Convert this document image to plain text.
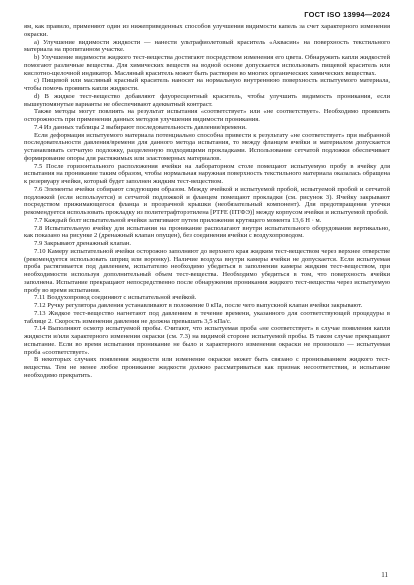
ГОСТ ISO 13994—2024

ям, как правило, применяют один из нижеприведенных способов улучшения видимости капель за счет характерного изменения окраски.

a) Улучшение видимости жидкости — нанести ультрафиолетовый краситель «Аквасин» на поверхность текстильного материала на пропитанном участке.

b) Улучшение видимости жидкого тест-вещества достигают посредством изменения его цвета. Обнаружить капли жидкостей помогают различные вещества. Для химических веществ на водной основе допускается использовать пищевой краситель или кислотно-щелочной индикатор. Масляный краситель может быть растворен во многих органических химических веществах.

c) Пищевой или масляный красный краситель наносят на нормальную внутреннюю поверхность испытуемого материала, чтобы помочь проявить капли жидкости.

d) В жидкое тест-вещество добавляют флуоресцентный краситель, чтобы улучшить видимость проникания, если вышеупомянутые варианты не обеспечивают адекватный контраст.

Также методы могут повлиять на результат испытания «соответствует» или «не соответствует». Необходимо проявлять осторожность при применении данных методов улучшения видимости проникания.

7.4 Из данных таблицы 2 выбирают последовательность давления/времени.

Если деформация испытуемого материала потенциально способна привести к результату «не соответствует» при выбранной последовательности давления/времени для данного метода испытания, то между фланцем ячейки и материалом допускается устанавливать сетчатую подложку, разделенную подходящими прокладками. Использование сетчатой подложки обеспечивает формирование опоры для растяжимых или эластомерных материалов.

7.5 После горизонтального расположения ячейки на лабораторном столе помещают испытуемую пробу в ячейку для испытания на проникание таким образом, чтобы нормальная наружная поверхность текстильного материала оказалась обращена к резервуару ячейки, который будет заполнен жидким тест-веществом.

7.6 Элементы ячейки собирают следующим образом. Между ячейкой и испытуемой пробой, испытуемой пробой и сетчатой подложкой (если используется) и сетчатой подложкой и фланцем помещают прокладки (см. рисунок 3). Ячейку закрывают посредством прижимающегося фланца и прозрачной крышки (необязательный компонент). Для предотвращения утечки рекомендуется использовать прокладку из политетрафторэтилена [PTFE (ПТФЭ)] между корпусом ячейки и испытуемой пробой.

7.7 Каждый болт испытательной ячейки затягивают путем приложения крутящего момента 13,6 Н · м.

7.8 Испытательную ячейку для испытания на проникание располагают внутри испытательного оборудования вертикально, как показано на рисунке 2 (дренажный клапан опущен), без соединения ячейки с воздухопроводом.

7.9 Закрывают дренажный клапан.

7.10 Камеру испытательной ячейки осторожно заполняют до верхнего края жидким тест-веществом через верхнее отверстие (рекомендуется использовать шприц или воронку). Наличие воздуха внутри камеры ячейки не допускается. Если испытуемая проба растягивается под давлением, испытателю необходимо убедиться в заполнении камеры жидким тест-веществом, при необходимости используя дополнительный объем тест-вещества. Необходимо убедиться в том, что поверхность ячейки заполнена. Испытание прекращают непосредственно после обнаружения проникания жидкого тест-вещества через испытуемую пробу во время испытания.

7.11 Воздухопровод соединяют с испытательной ячейкой.

7.12 Ручку регулятора давления устанавливают в положение 0 кПа, после чего выпускной клапан ячейки закрывают.

7.13 Жидкое тест-вещество нагнетают под давлением в течение времени, указанного для соответствующей процедуры в таблице 2. Скорость изменения давления не должна превышать 3,5 кПа/с.

7.14 Выполняют осмотр испытуемой пробы. Считают, что испытуемая проба «не соответствует» в случае появления капли жидкости и/или характерного изменения окраски (см. 7.3) на видимой стороне испытуемой пробы. В таком случае прекращают испытание. Если во время испытания проникание не было и характерного изменения окраски не произошло — испытуемая проба «соответствует».

В некоторых случаях появления жидкости или изменение окраски может быть связано с пронизыванием жидкого тест-вещества. Тем не менее любое проникание жидкости должно рассматриваться как признак несоответствия, и испытание необходимо прекратить.

11
